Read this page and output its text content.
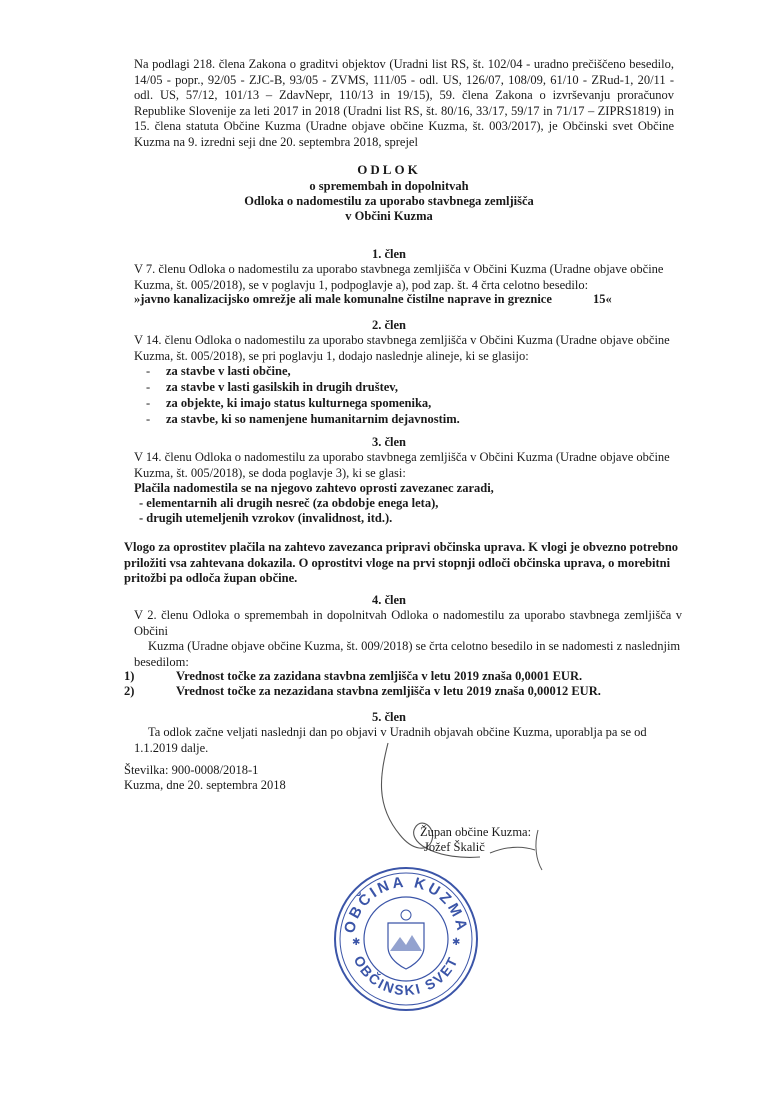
Na podlagi 218. člena Zakona o graditvi objektov (Uradni list RS, št. 102/04 - uradno prečiščeno besedilo, 14/05 - popr., 92/05 - ZJC-B, 93/05 - ZVMS, 111/05 - odl. US, 126/07, 108/09, 61/10 - ZRud-1, 20/11 - odl. US, 57/12, 101/13 – ZdavNepr, 110/13 in 19/15), 59. člena Zakona o izvrševanju proračunov Republike Slovenije za leti 2017 in 2018 (Uradni list RS, št. 80/16, 33/17, 59/17 in 71/17 – ZIPRS1819) in 15. člena statuta Občine Kuzma (Uradne objave občine Kuzma, št. 003/2017), je Občinski svet Občine Kuzma na 9. izredni seji dne 20. septembra 2018, sprejel
ODLOK
o spremembah in dopolnitvah
Odloka o nadomestilu za uporabo stavbnega zemljišča
v Občini Kuzma
1. člen
V 7. členu Odloka o nadomestilu za uporabo stavbnega zemljišča v Občini Kuzma (Uradne objave občine Kuzma, št. 005/2018), se v poglavju 1, podpoglavje a), pod zap. št. 4 črta celotno besedilo:
»javno kanalizacijsko omrežje ali male komunalne čistilne naprave in greznice	15«
2. člen
V 14. členu Odloka o nadomestilu za uporabo stavbnega zemljišča v Občini Kuzma (Uradne objave občine Kuzma, št. 005/2018), se pri poglavju 1, dodajo naslednje alineje, ki se glasijo:
- za stavbe v lasti občine,
- za stavbe v lasti gasilskih in drugih društev,
- za objekte, ki imajo status kulturnega spomenika,
- za stavbe, ki so namenjene humanitarnim dejavnostim.
3. člen
V 14. členu Odloka o nadomestilu za uporabo stavbnega zemljišča v Občini Kuzma (Uradne objave občine Kuzma, št. 005/2018), se doda poglavje 3), ki se glasi:
Plačila nadomestila se na njegovo zahtevo oprosti zavezanec zaradi,
- elementarnih ali drugih nesreč (za obdobje enega leta),
- drugih utemeljenih vzrokov (invalidnost, itd.).
Vlogo za oprostitev plačila na zahtevo zavezanca pripravi občinska uprava. K vlogi je obvezno potrebno priložiti vsa zahtevana dokazila. O oprostitvi vloge na prvi stopnji odloči občinska uprava, o morebitni pritožbi pa odloča župan občine.
4. člen
V 2. členu Odloka o spremembah in dopolnitvah Odloka o nadomestilu za uporabo stavbnega zemljišča v Občini
Kuzma (Uradne objave občine Kuzma, št. 009/2018) se črta celotno besedilo in se nadomesti z naslednjim besedilom:
1)	Vrednost točke za zazidana stavbna zemljišča v letu 2019 znaša 0,0001 EUR.
2)	Vrednost točke za nezazidana stavbna zemljišča v letu 2019 znaša 0,00012 EUR.
5. člen
Ta odlok začne veljati naslednji dan po objavi v Uradnih objavah občine Kuzma, uporablja pa se od 1.1.2019 dalje.
Številka: 900-0008/2018-1
Kuzma, dne 20. septembra 2018
Župan občine Kuzma:
Jožef Škalič
OBČINA KUZMA
OBČINSKI SVET
✱	✱
